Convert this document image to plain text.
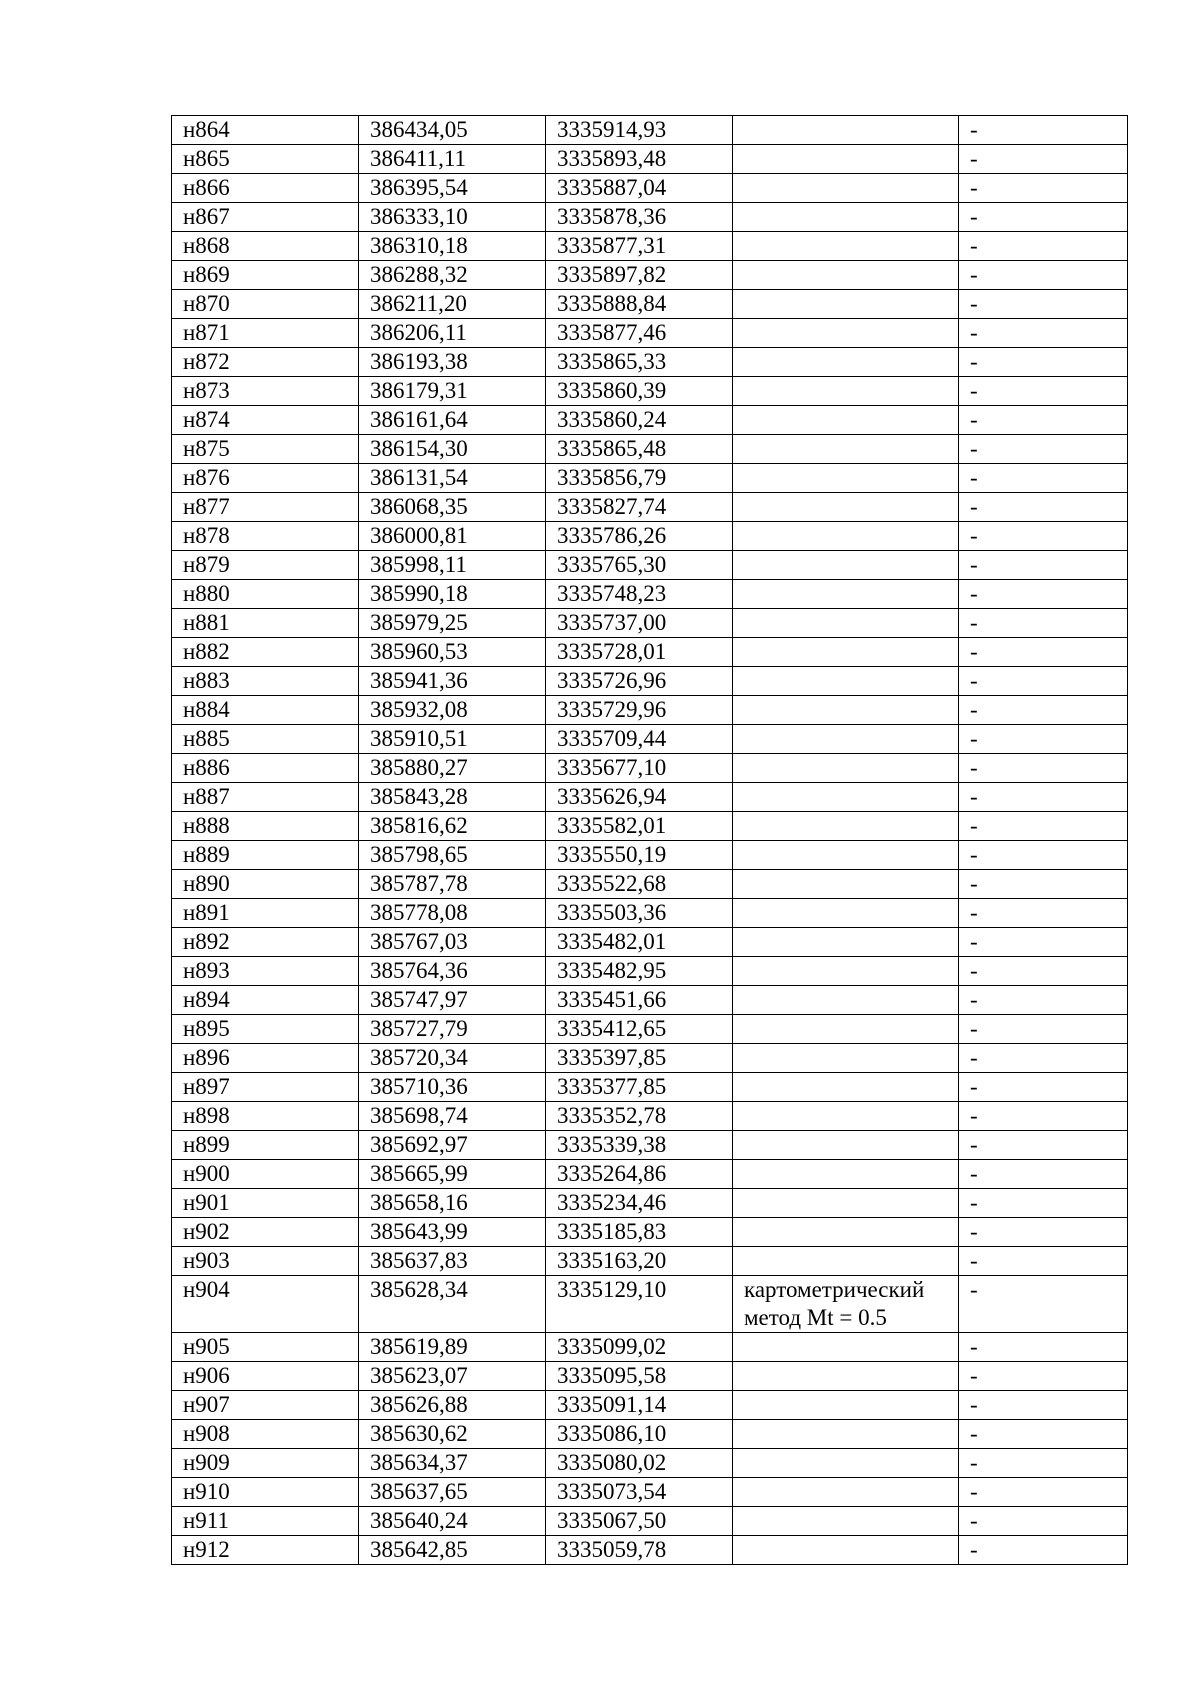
н864	386434,05	3335914,93		-
н865	386411,11	3335893,48		-
н866	386395,54	3335887,04		-
н867	386333,10	3335878,36		-
н868	386310,18	3335877,31		-
н869	386288,32	3335897,82		-
н870	386211,20	3335888,84		-
н871	386206,11	3335877,46		-
н872	386193,38	3335865,33		-
н873	386179,31	3335860,39		-
н874	386161,64	3335860,24		-
н875	386154,30	3335865,48		-
н876	386131,54	3335856,79		-
н877	386068,35	3335827,74		-
н878	386000,81	3335786,26		-
н879	385998,11	3335765,30		-
н880	385990,18	3335748,23		-
н881	385979,25	3335737,00		-
н882	385960,53	3335728,01		-
н883	385941,36	3335726,96		-
н884	385932,08	3335729,96		-
н885	385910,51	3335709,44		-
н886	385880,27	3335677,10		-
н887	385843,28	3335626,94		-
н888	385816,62	3335582,01		-
н889	385798,65	3335550,19		-
н890	385787,78	3335522,68		-
н891	385778,08	3335503,36		-
н892	385767,03	3335482,01		-
н893	385764,36	3335482,95		-
н894	385747,97	3335451,66		-
н895	385727,79	3335412,65		-
н896	385720,34	3335397,85		-
н897	385710,36	3335377,85		-
н898	385698,74	3335352,78		-
н899	385692,97	3335339,38		-
н900	385665,99	3335264,86		-
н901	385658,16	3335234,46		-
н902	385643,99	3335185,83		-
н903	385637,83	3335163,20		-
н904	385628,34	3335129,10	картометрический метод Mt = 0.5	-
н905	385619,89	3335099,02		-
н906	385623,07	3335095,58		-
н907	385626,88	3335091,14		-
н908	385630,62	3335086,10		-
н909	385634,37	3335080,02		-
н910	385637,65	3335073,54		-
н911	385640,24	3335067,50		-
н912	385642,85	3335059,78		-
